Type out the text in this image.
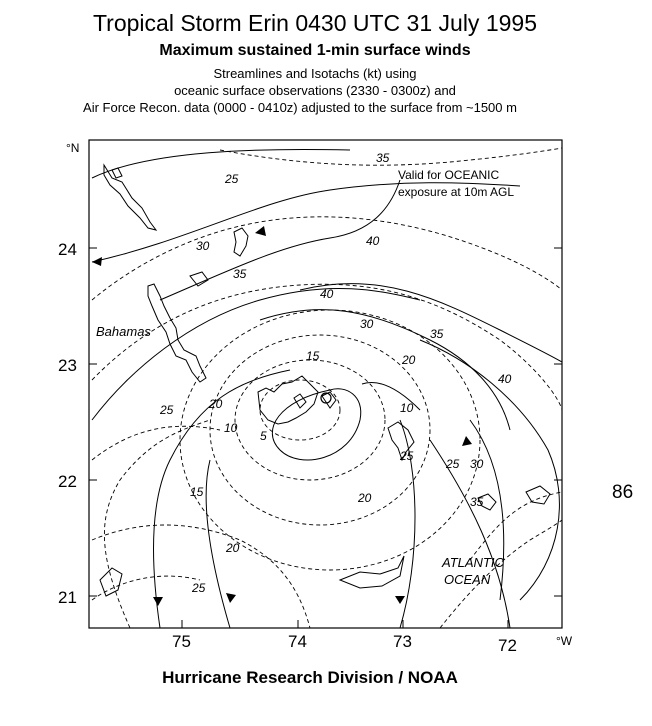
Tropical Storm Erin 0430 UTC 31 July 1995
Maximum sustained 1-min surface winds
Streamlines and Isotachs (kt) using
oceanic surface observations (2330 - 0300z) and
Air Force Recon. data (0000 - 0410z) adjusted to the surface from ~1500 m
°N
24
23
22
21
75	74	73	72	°W
35
25
30	40
35
40
30
35
15	20
40
20
25
10
10
5
30
25
20
15
20
25
35
25
Bahamas
ATLANTIC
OCEAN
Valid for OCEANIC
exposure at 10m AGL
86
Hurricane Research Division / NOAA
